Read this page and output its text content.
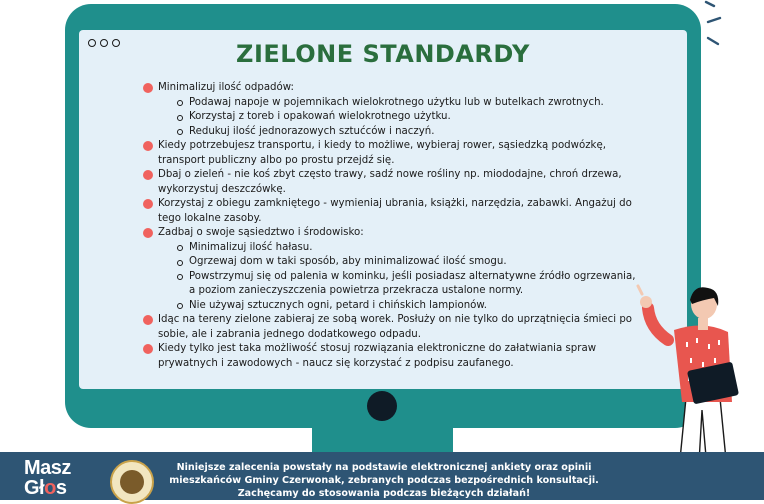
ZIELONE STANDARDY
Minimalizuj ilość odpadów:
Podawaj napoje w pojemnikach wielokrotnego użytku lub w butelkach zwrotnych.
Korzystaj z toreb i opakowań wielokrotnego użytku.
Redukuj ilość jednorazowych sztućców i naczyń.
Kiedy potrzebujesz transportu, i kiedy to możliwe, wybieraj rower, sąsiedzką podwózkę, transport publiczny albo po prostu przejdź się.
Dbaj o zieleń - nie koś zbyt często trawy, sadź nowe rośliny np. miododajne, chroń drzewa, wykorzystuj deszczówkę.
Korzystaj z obiegu zamkniętego - wymieniaj ubrania, książki, narzędzia, zabawki. Angażuj do tego lokalne zasoby.
Zadbaj o swoje sąsiedztwo i środowisko:
Minimalizuj ilość hałasu.
Ogrzewaj dom w taki sposób, aby minimalizować ilość smogu.
Powstrzymuj się od palenia w kominku, jeśli posiadasz alternatywne źródło ogrzewania, a poziom zanieczyszczenia powietrza przekracza ustalone normy.
Nie używaj sztucznych ogni, petard i chińskich lampionów.
Idąc na tereny zielone zabieraj ze sobą worek. Posłuży on nie tylko do uprzątnięcia śmieci po sobie, ale i zabrania jednego dodatkowego odpadu.
Kiedy tylko jest taka możliwość stosuj rozwiązania elektroniczne do załatwiania spraw prywatnych i zawodowych - naucz się korzystać z podpisu zaufanego.
Masz
Głos
Niniejsze zalecenia powstały na podstawie elektronicznej ankiety oraz opinii
mieszkańców Gminy Czerwonak, zebranych podczas bezpośrednich konsultacji.
Zachęcamy do stosowania podczas bieżących działań!
